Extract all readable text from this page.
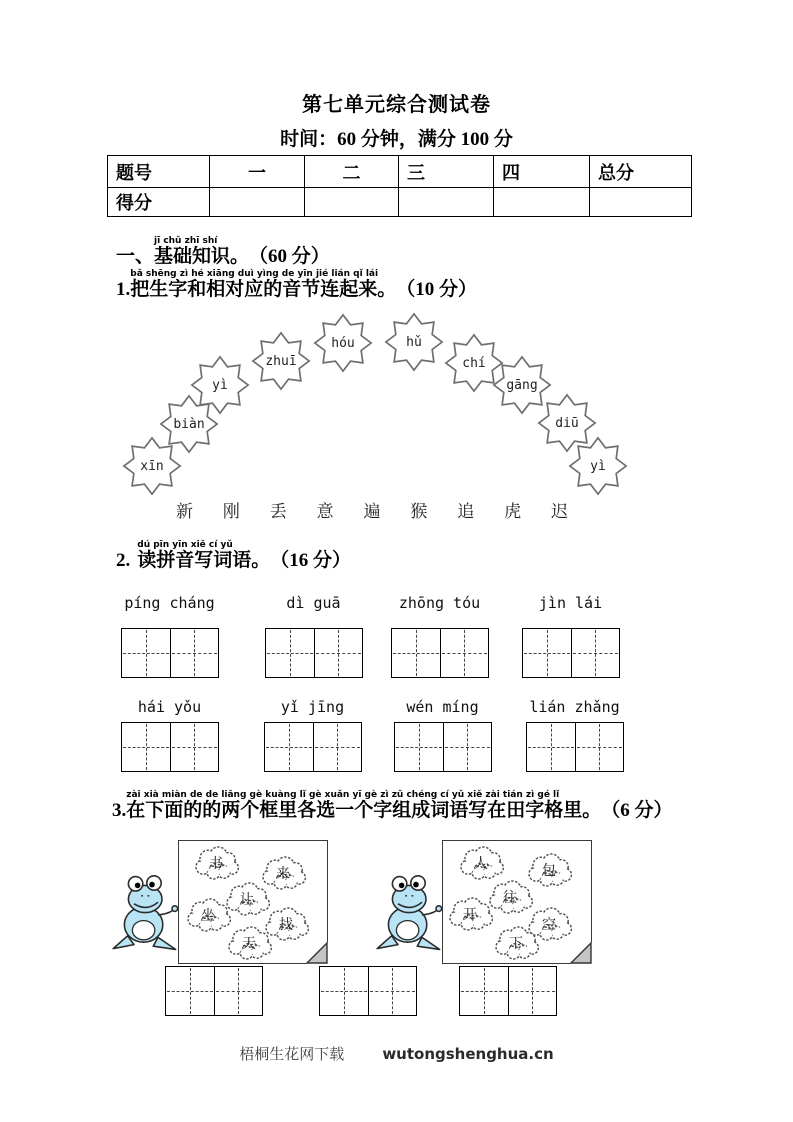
第七单元综合测试卷
时间：60 分钟，满分 100 分
题号	一	二	三	四	总分
得分					
一、
jī chǔ zhī shí
基础知识。 （60 分）
1.
bǎ shēng zì hé xiāng duì yìng de yīn jié lián qǐ lái
把生字和相对应的音节连起来。 （10 分）
xīn
biàn
yì
zhuī
hóu	hǔ
chí
gāng
diū
yì
新 刚 丢 意 遍 猴 追 虎 迟
2.
dú pīn yīn xiě cí yǔ
读拼音写词语。 （16 分）
píng cháng	dì guā	zhōng tóu	jìn lái
hái yǒu	yǐ jīng	wén míng	lián zhǎng
3.
zài xià miàn de de liǎng gè kuàng lǐ gè xuǎn yī gè zì zǔ chéng cí yǔ xiě zài tián zì gé lǐ
在下面的的两个框里各选一个字组成词语写在田字格里。 （6 分）
书
来
让
坐
找
天
人	包
往
开
空
下
梧桐生花网下载	wutongshenghua.cn
